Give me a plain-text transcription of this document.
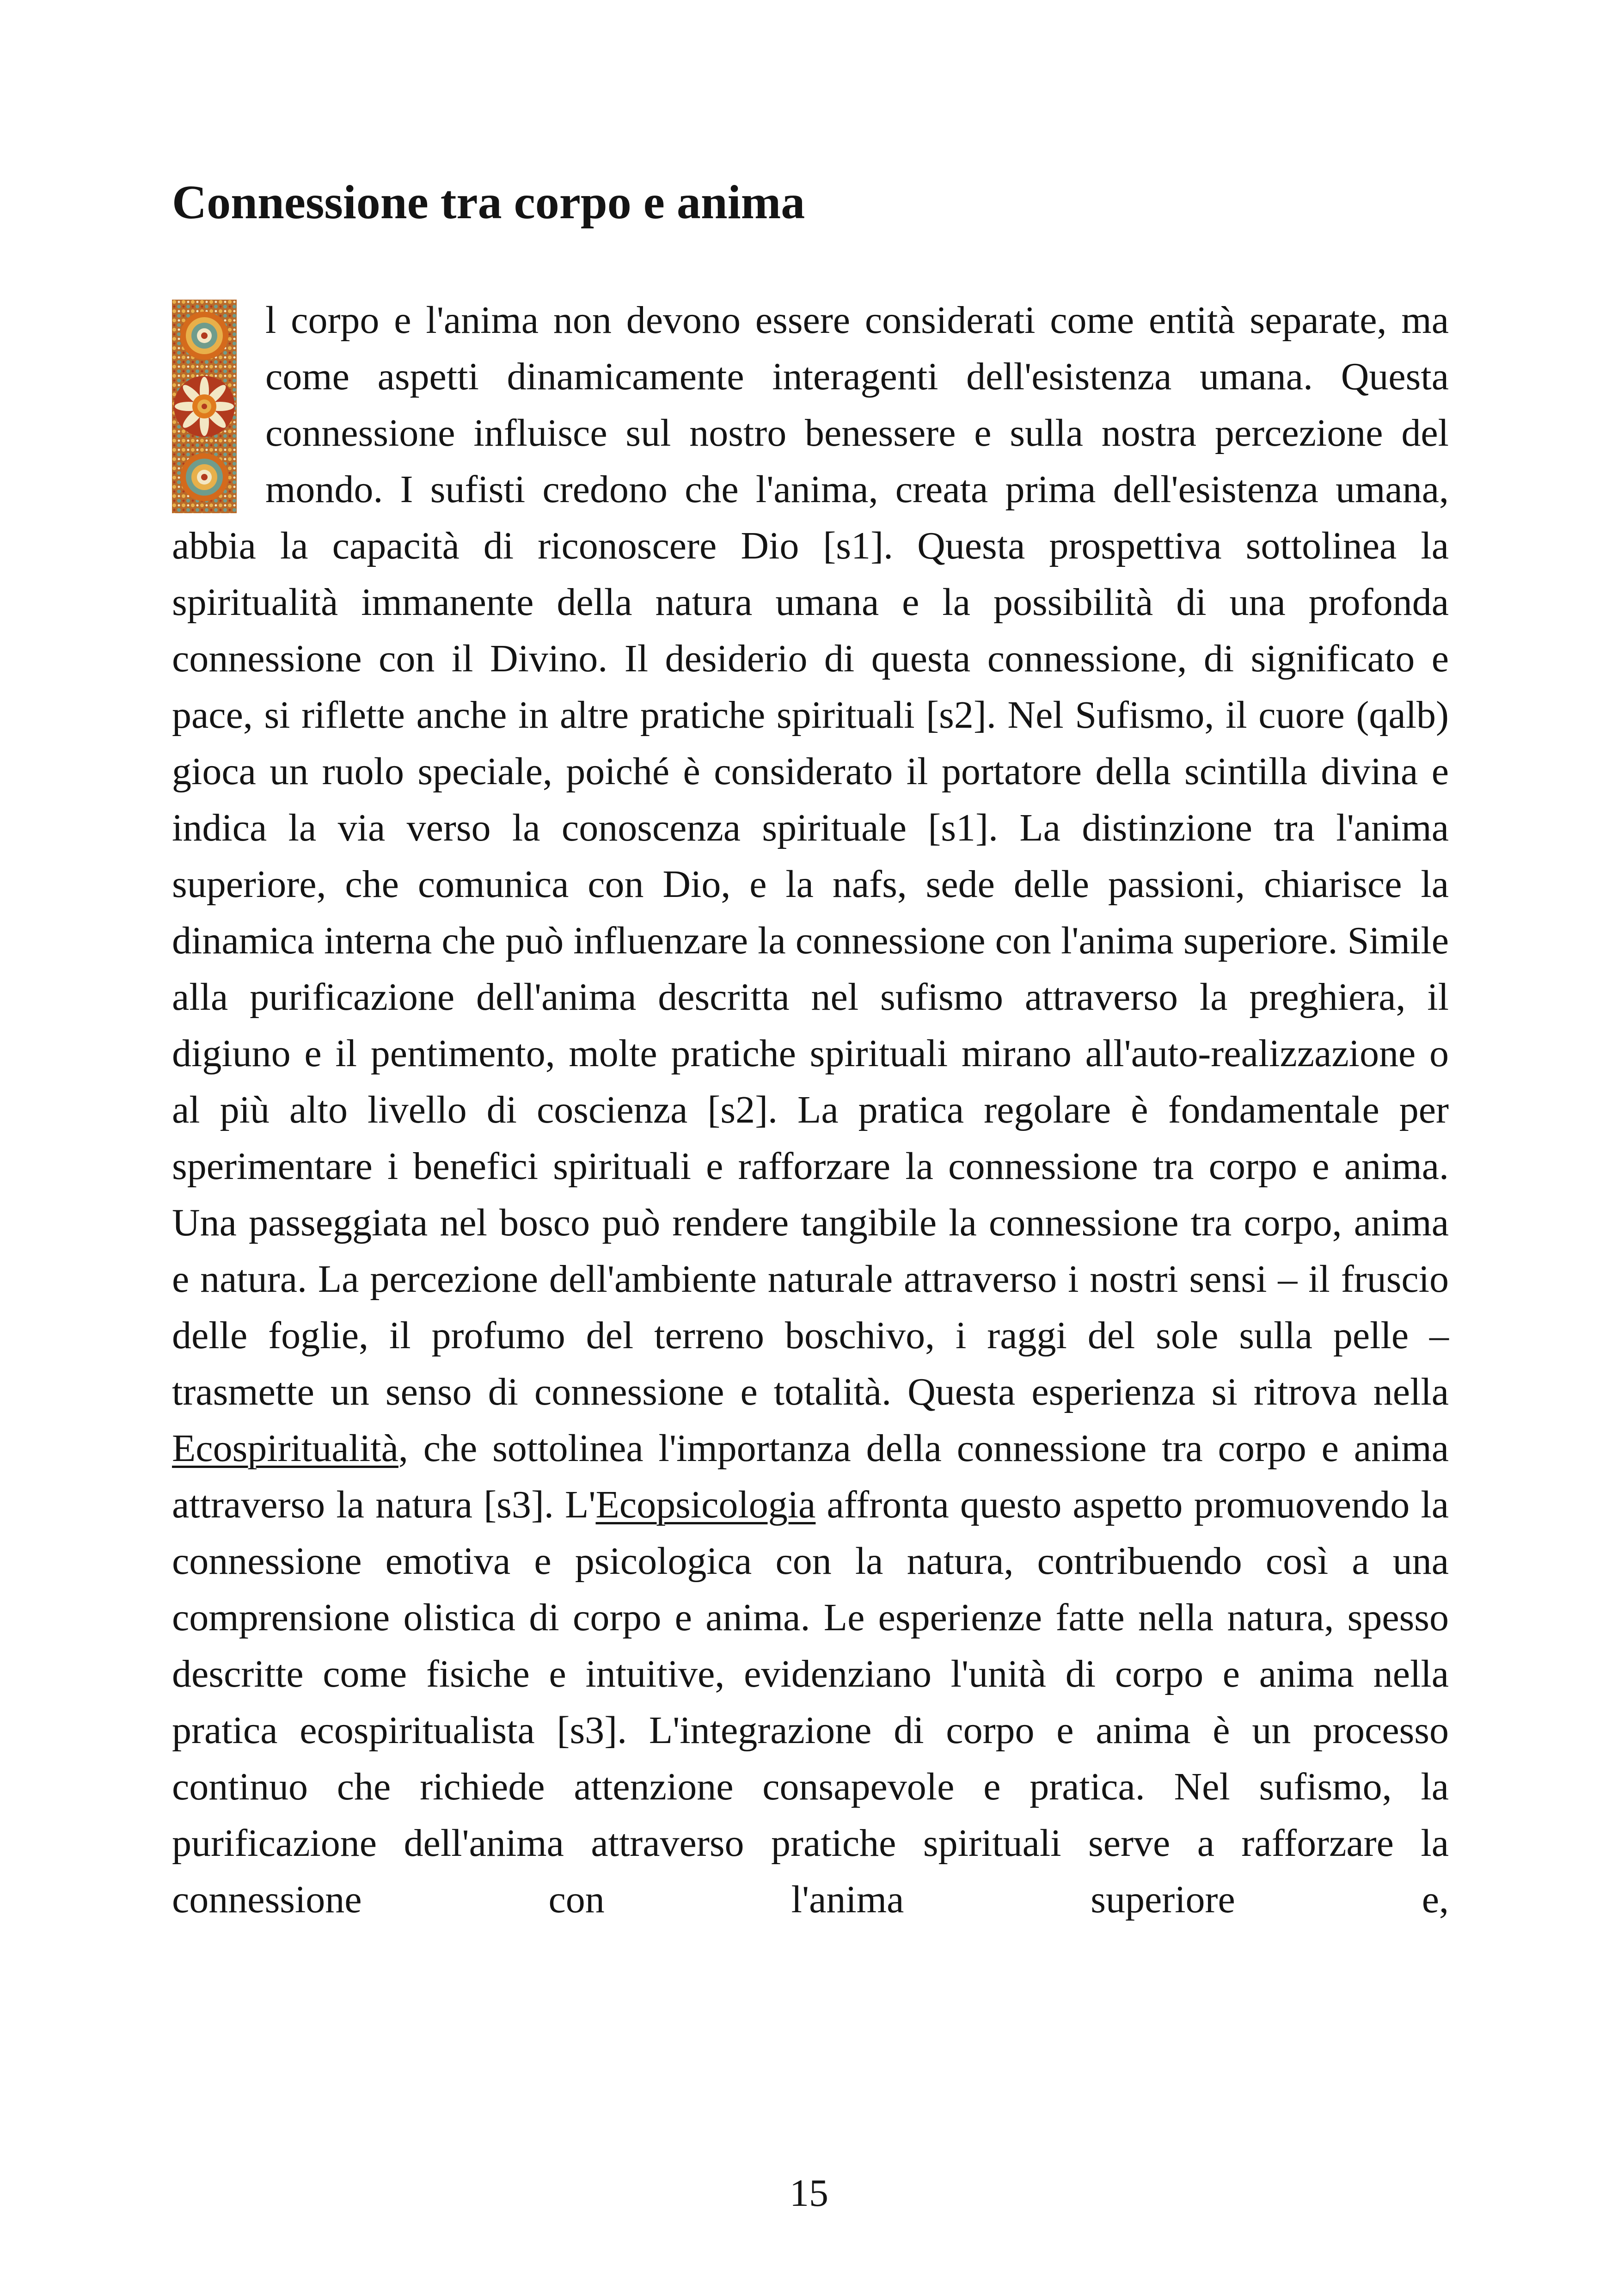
Connessione tra corpo e anima

l corpo e l'anima non devono essere considerati come entità separate, ma come aspetti dinamicamente interagenti dell'esistenza umana. Questa connessione influisce sul nostro benessere e sulla nostra percezione del mondo. I sufisti credono che l'anima, creata prima dell'esistenza umana, abbia la capacità di riconoscere Dio [s1]. Questa prospettiva sottolinea la spiritualità immanente della natura umana e la possibilità di una profonda connessione con il Divino. Il desiderio di questa connessione, di significato e pace, si riflette anche in altre pratiche spirituali [s2]. Nel Sufismo, il cuore (qalb) gioca un ruolo speciale, poiché è considerato il portatore della scintilla divina e indica la via verso la conoscenza spirituale [s1]. La distinzione tra l'anima superiore, che comunica con Dio, e la nafs, sede delle passioni, chiarisce la dinamica interna che può influenzare la connessione con l'anima superiore. Simile alla purificazione dell'anima descritta nel sufismo attraverso la preghiera, il digiuno e il pentimento, molte pratiche spirituali mirano all'auto-realizzazione o al più alto livello di coscienza [s2]. La pratica regolare è fondamentale per sperimentare i benefici spirituali e rafforzare la connessione tra corpo e anima. Una passeggiata nel bosco può rendere tangibile la connessione tra corpo, anima e natura. La percezione dell'ambiente naturale attraverso i nostri sensi – il fruscio delle foglie, il profumo del terreno boschivo, i raggi del sole sulla pelle – trasmette un senso di connessione e totalità. Questa esperienza si ritrova nella Ecospiritualità, che sottolinea l'importanza della connessione tra corpo e anima attraverso la natura [s3]. L'Ecopsicologia affronta questo aspetto promuovendo la connessione emotiva e psicologica con la natura, contribuendo così a una comprensione olistica di corpo e anima. Le esperienze fatte nella natura, spesso descritte come fisiche e intuitive, evidenziano l'unità di corpo e anima nella pratica ecospiritualista [s3]. L'integrazione di corpo e anima è un processo continuo che richiede attenzione consapevole e pratica. Nel sufismo, la purificazione dell'anima attraverso pratiche spirituali serve a rafforzare la connessione con l'anima superiore e,

15
